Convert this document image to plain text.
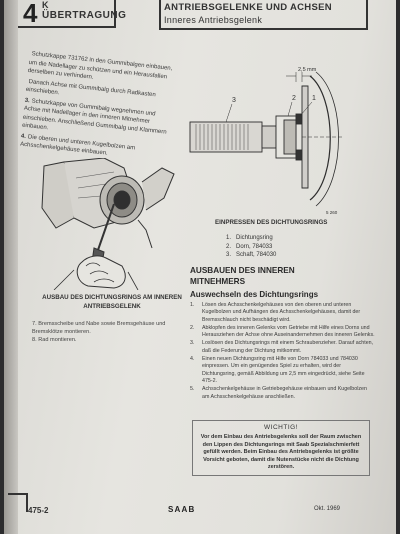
4 K
ÜBERTRAGUNG
ANTRIEBSGELENKE UND ACHSEN
Inneres Antriebsgelenk

Schutzkappe 731762 in den Gummibalgen einbauen, um die Nadellager zu schützen und ein Herausfallen derselben zu verhindern.

Danach Achse mit Gummibalg durch Radkasten einschieben.

3.Schutzkappe von Gummibalg wegnehmen und Achse mit Nadellager in den inneren Mitnehmer einschieben. Anschließend Gummibalg und Klammern einbauen.

4.Die oberen und unteren Kugelbolzen am Achsschenkelgehäuse einbauen.

AUSBAU DES DICHTUNGSRINGS AM INNEREN ANTRIEBSGELENK

7. Bremsscheibe und Nabe sowie Bremsgehäuse und Bremsklötze montieren.

8. Rad montieren.

2,5 mm
1
2
3
5 260
EINPRESSEN DES DICHTUNGSRINGS
1. Dichtungsring
2. Dorn, 784033
3. Schaft, 784030
AUSBAUEN DES INNEREN
MITNEHMERS
Auswechseln des Dichtungsrings

1.	Lösen des Achsschenkelgehäuses von den oberen und unteren Kugelbolzen und Aufhängen des Achsschenkelgehäuses, damit der Bremsschlauch nicht beschädigt wird.

2.	Abklopfen des inneren Gelenks vom Getriebe mit Hilfe eines Dorns und Herausziehen der Achse ohne Auseinandernehmen des inneren Gelenks.

3.	Loslösen des Dichtungsrings mit einem Schraubenzieher. Darauf achten, daß die Federung der Dichtung mitkommt.

4.	Einen neuen Dichtungsring mit Hilfe von Dorn 784033 und 784030 einpressen. Um ein genügendes Spiel zu erhalten, wird der Dichtungsring, gemäß Abbildung um 2,5 mm eingedrückt, siehe Seite 475-2.

5.	Achsschenkelgehäuse in Getriebegehäuse einbauen und Kugelbolzen am Achsschenkelgehäuse anschließen.

WICHTIG!
Vor dem Einbau des Antriebsgelenks soll der Raum zwischen den Lippen des Dichtungsrings mit Saab Spezialschmierfett gefüllt werden. Beim Einbau des Antriebsgelenks ist größte Vorsicht geboten, damit die Nutenstücke nicht die Dichtung zerstören.
475-2	SAAB	Okt. 1969
